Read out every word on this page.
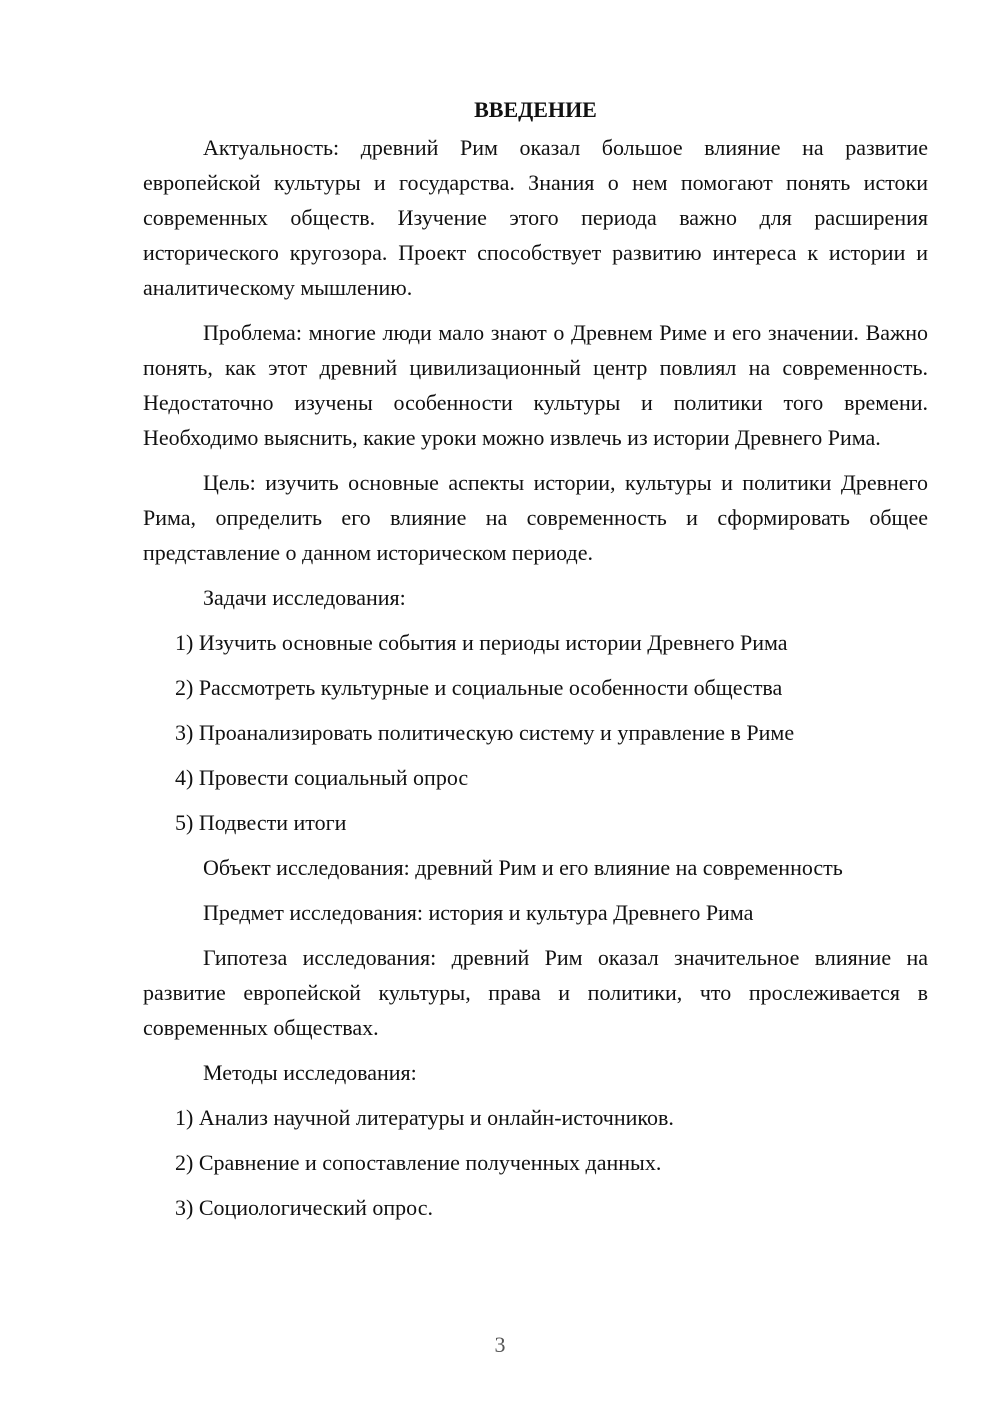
ВВЕДЕНИЕ

Актуальность: древний Рим оказал большое влияние на развитие европейской культуры и государства. Знания о нем помогают понять истоки современных обществ. Изучение этого периода важно для расширения исторического кругозора. Проект способствует развитию интереса к истории и аналитическому мышлению.

Проблема: многие люди мало знают о Древнем Риме и его значении. Важно понять, как этот древний цивилизационный центр повлиял на современность. Недостаточно изучены особенности культуры и политики того времени. Необходимо выяснить, какие уроки можно извлечь из истории Древнего Рима.

Цель: изучить основные аспекты истории, культуры и политики Древнего Рима, определить его влияние на современность и сформировать общее представление о данном историческом периоде.

Задачи исследования:

1) Изучить основные события и периоды истории Древнего Рима
2) Рассмотреть культурные и социальные особенности общества
3) Проанализировать политическую систему и управление в Риме
4) Провести социальный опрос
5) Подвести итоги

Объект исследования: древний Рим и его влияние на современность

Предмет исследования: история и культура Древнего Рима

Гипотеза исследования: древний Рим оказал значительное влияние на развитие европейской культуры, права и политики, что прослеживается в современных обществах.

Методы исследования:

1) Анализ научной литературы и онлайн-источников.
2) Сравнение и сопоставление полученных данных.
3) Социологический опрос.
3
